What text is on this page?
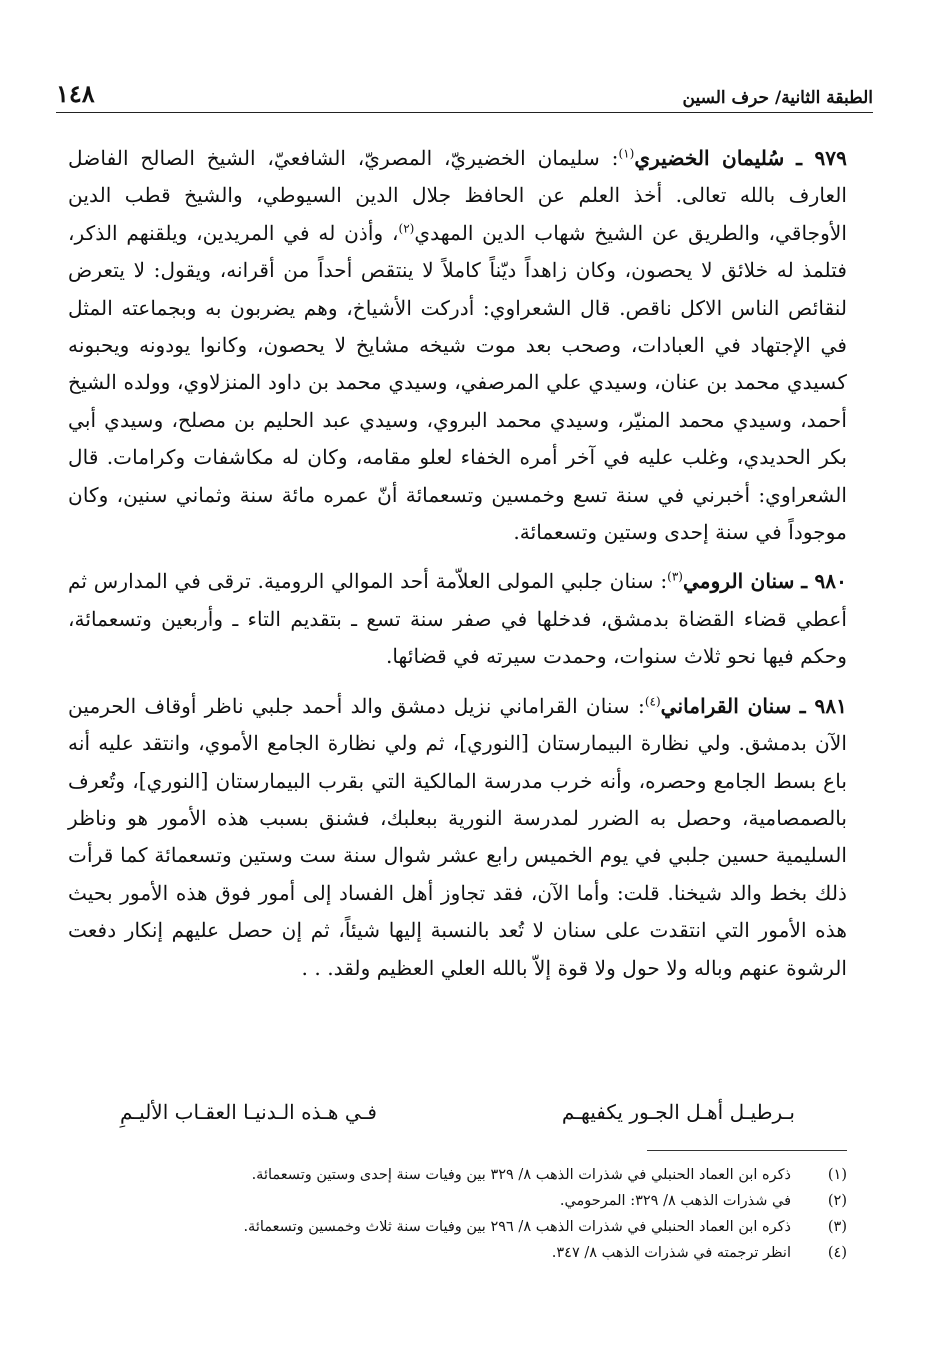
الطبقة الثانية/ حرف السين
١٤٨

٩٧٩ ـ سُليمان الخضيري$^{(١)}$: سليمان الخضيريّ، المصريّ، الشافعيّ، الشيخ الصالح الفاضل العارف بالله تعالى. أخذ العلم عن الحافظ جلال الدين السيوطي، والشيخ قطب الدين الأوجاقي، والطريق عن الشيخ شهاب الدين المهدي$^{(٢)}$، وأذن له في المريدين، ويلقنهم الذكر، فتلمذ له خلائق لا يحصون، وكان زاهداً ديّناً كاملاً لا ينتقص أحداً من أقرانه، ويقول: لا يتعرض لنقائص الناس الاكل ناقص. قال الشعراوي: أدركت الأشياخ، وهم يضربون به وبجماعته المثل في الإجتهاد في العبادات، وصحب بعد موت شيخه مشايخ لا يحصون، وكانوا يودونه ويحبونه كسيدي محمد بن عنان، وسيدي علي المرصفي، وسيدي محمد بن داود المنزلاوي، وولده الشيخ أحمد، وسيدي محمد المنيّر، وسيدي محمد البروي، وسيدي عبد الحليم بن مصلح، وسيدي أبي بكر الحديدي، وغلب عليه في آخر أمره الخفاء لعلو مقامه، وكان له مكاشفات وكرامات. قال الشعراوي: أخبرني في سنة تسع وخمسين وتسعمائة أنّ عمره مائة سنة وثماني سنين، وكان موجوداً في سنة إحدى وستين وتسعمائة.

٩٨٠ ـ سنان الرومي$^{(٣)}$: سنان جلبي المولى العلاّمة أحد الموالي الرومية. ترقى في المدارس ثم أعطي قضاء القضاة بدمشق، فدخلها في صفر سنة تسع ـ بتقديم التاء ـ وأربعين وتسعمائة، وحكم فيها نحو ثلاث سنوات، وحمدت سيرته في قضائها.

٩٨١ ـ سنان القراماني$^{(٤)}$: سنان القراماني نزيل دمشق والد أحمد جلبي ناظر أوقاف الحرمين الآن بدمشق. ولي نظارة البيمارستان [النوري]، ثم ولي نظارة الجامع الأموي، وانتقد عليه أنه باع بسط الجامع وحصره، وأنه خرب مدرسة المالكية التي بقرب البيمارستان [النوري]، وتُعرف بالصمصامية، وحصل به الضرر لمدرسة النورية ببعلبك، فشنق بسبب هذه الأمور هو وناظر السليمية حسين جلبي في يوم الخميس رابع عشر شوال سنة ست وستين وتسعمائة كما قرأت ذلك بخط والد شيخنا. قلت: وأما الآن، فقد تجاوز أهل الفساد إلى أمور فوق هذه الأمور بحيث هذه الأمور التي انتقدت على سنان لا تُعد بالنسبة إليها شيئاً، ثم إن حصل عليهم إنكار دفعت الرشوة عنهم وباله ولا حول ولا قوة إلاّ بالله العلي العظيم ولقد. . .

بـرطيـل أهـل الجـور يكفيهـم
فـي هـذه الـدنيـا العقـاب الأليـمِ
(١)
ذكره ابن العماد الحنبلي في شذرات الذهب ٨/ ٣٢٩ بين وفيات سنة إحدى وستين وتسعمائة.
(٢)
في شذرات الذهب ٨/ ٣٢٩: المرحومي.
(٣)
ذكره ابن العماد الحنبلي في شذرات الذهب ٨/ ٢٩٦ بين وفيات سنة ثلاث وخمسين وتسعمائة.
(٤)
انظر ترجمته في شذرات الذهب ٨/ ٣٤٧.
